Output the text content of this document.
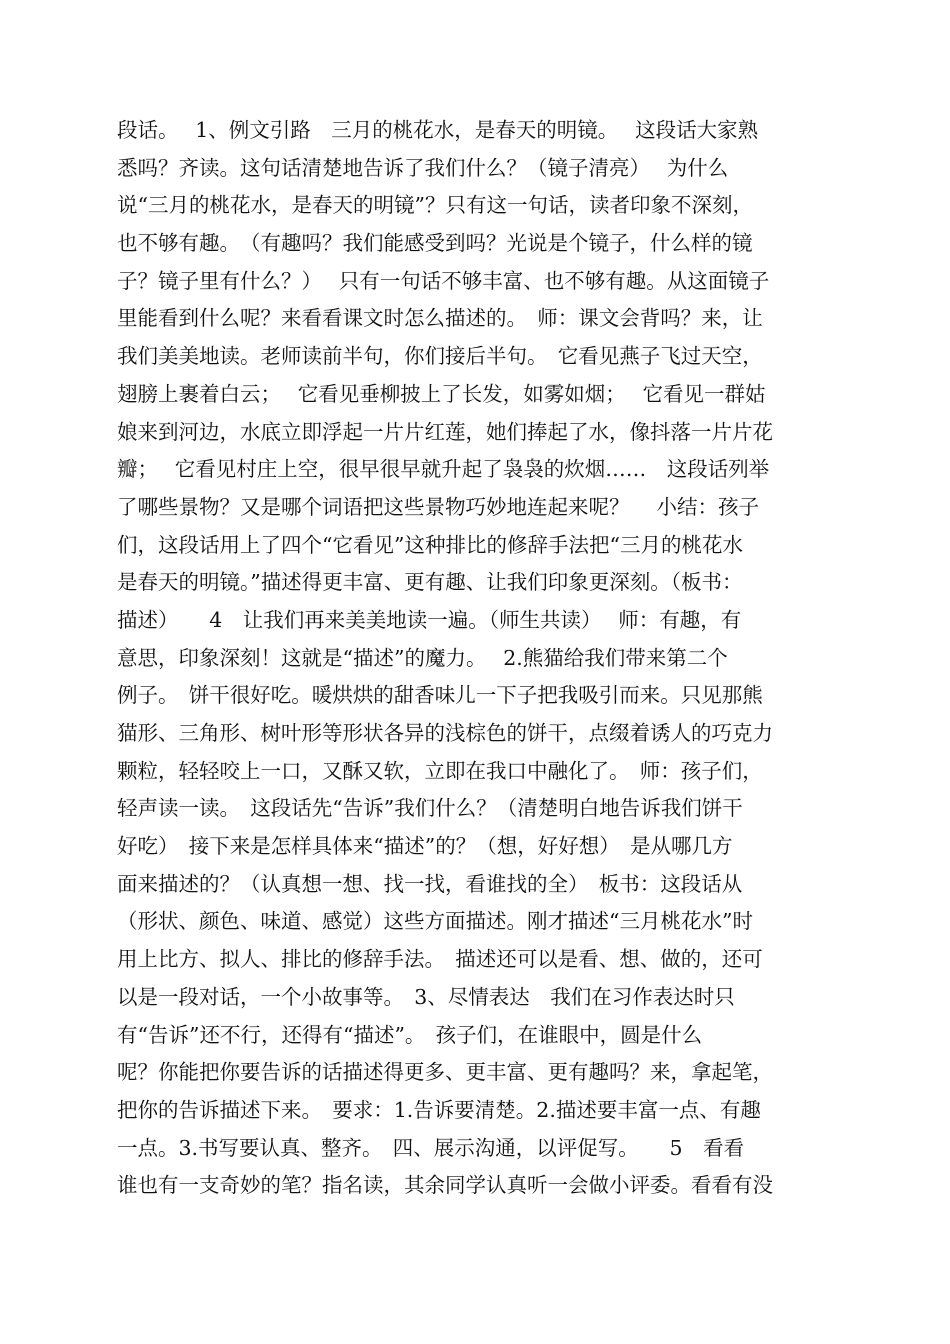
段话。　 1、例文引路　三月的桃花水，是春天的明镜。　 这段话大家熟
悉吗？齐读。这句话清楚地告诉了我们什么？（镜子清亮）　 为什么
说“三月的桃花水，是春天的明镜”？只有这一句话，读者印象不深刻，
也不够有趣。　（有趣吗？我们能感受到吗？光说是个镜子，什么样的镜
子？镜子里有什么？）　 只有一句话不够丰富、也不够有趣。从这面镜子
里能看到什么呢？来看看课文时怎么描述的。　师：课文会背吗？来，让
我们美美地读。老师读前半句，你们接后半句。　它看见燕子飞过天空，
翅膀上裹着白云；　 它看见垂柳披上了长发，如雾如烟；　 它看见一群姑
娘来到河边，水底立即浮起一片片红莲，她们捧起了水，像抖落一片片花
瓣；　 它看见村庄上空，很早很早就升起了袅袅的炊烟……　这段话列举
了哪些景物？又是哪个词语把这些景物巧妙地连起来呢？　 小结：孩子
们，这段话用上了四个“它看见”这种排比的修辞手法把“三月的桃花水
是春天的明镜。”描述得更丰富、更有趣、让我们印象更深刻。（板书：
描述）　　4　让我们再来美美地读一遍。（师生共读）　 师：有趣，有
意思，印象深刻！这就是“描述”的魔力。　 2.熊猫给我们带来第二个
例子。　饼干很好吃。暖烘烘的甜香味儿一下子把我吸引而来。只见那熊
猫形、三角形、树叶形等形状各异的浅棕色的饼干，点缀着诱人的巧克力
颗粒，轻轻咬上一口，又酥又软，立即在我口中融化了。　师：孩子们，
轻声读一读。　这段话先“告诉”我们什么？（清楚明白地告诉我们饼干
好吃）　接下来是怎样具体来“描述”的？（想，好好想）　是从哪几方
面来描述的？（认真想一想、找一找，看谁找的全）　板书：这段话从
（形状、颜色、味道、感觉）这些方面描述。刚才描述“三月桃花水”时
用上比方、拟人、排比的修辞手法。　描述还可以是看、想、做的，还可
以是一段对话，一个小故事等。　3、尽情表达　我们在习作表达时只
有“告诉”还不行，还得有“描述”。　孩子们，在谁眼中，圆是什么
呢？你能把你要告诉的话描述得更多、更丰富、更有趣吗？来，拿起笔，
把你的告诉描述下来。　要求：1.告诉要清楚。2.描述要丰富一点、有趣
一点。3.书写要认真、整齐。　四、展示沟通，以评促写。　　5　看看
谁也有一支奇妙的笔？指名读，其余同学认真听一会做小评委。看看有没
